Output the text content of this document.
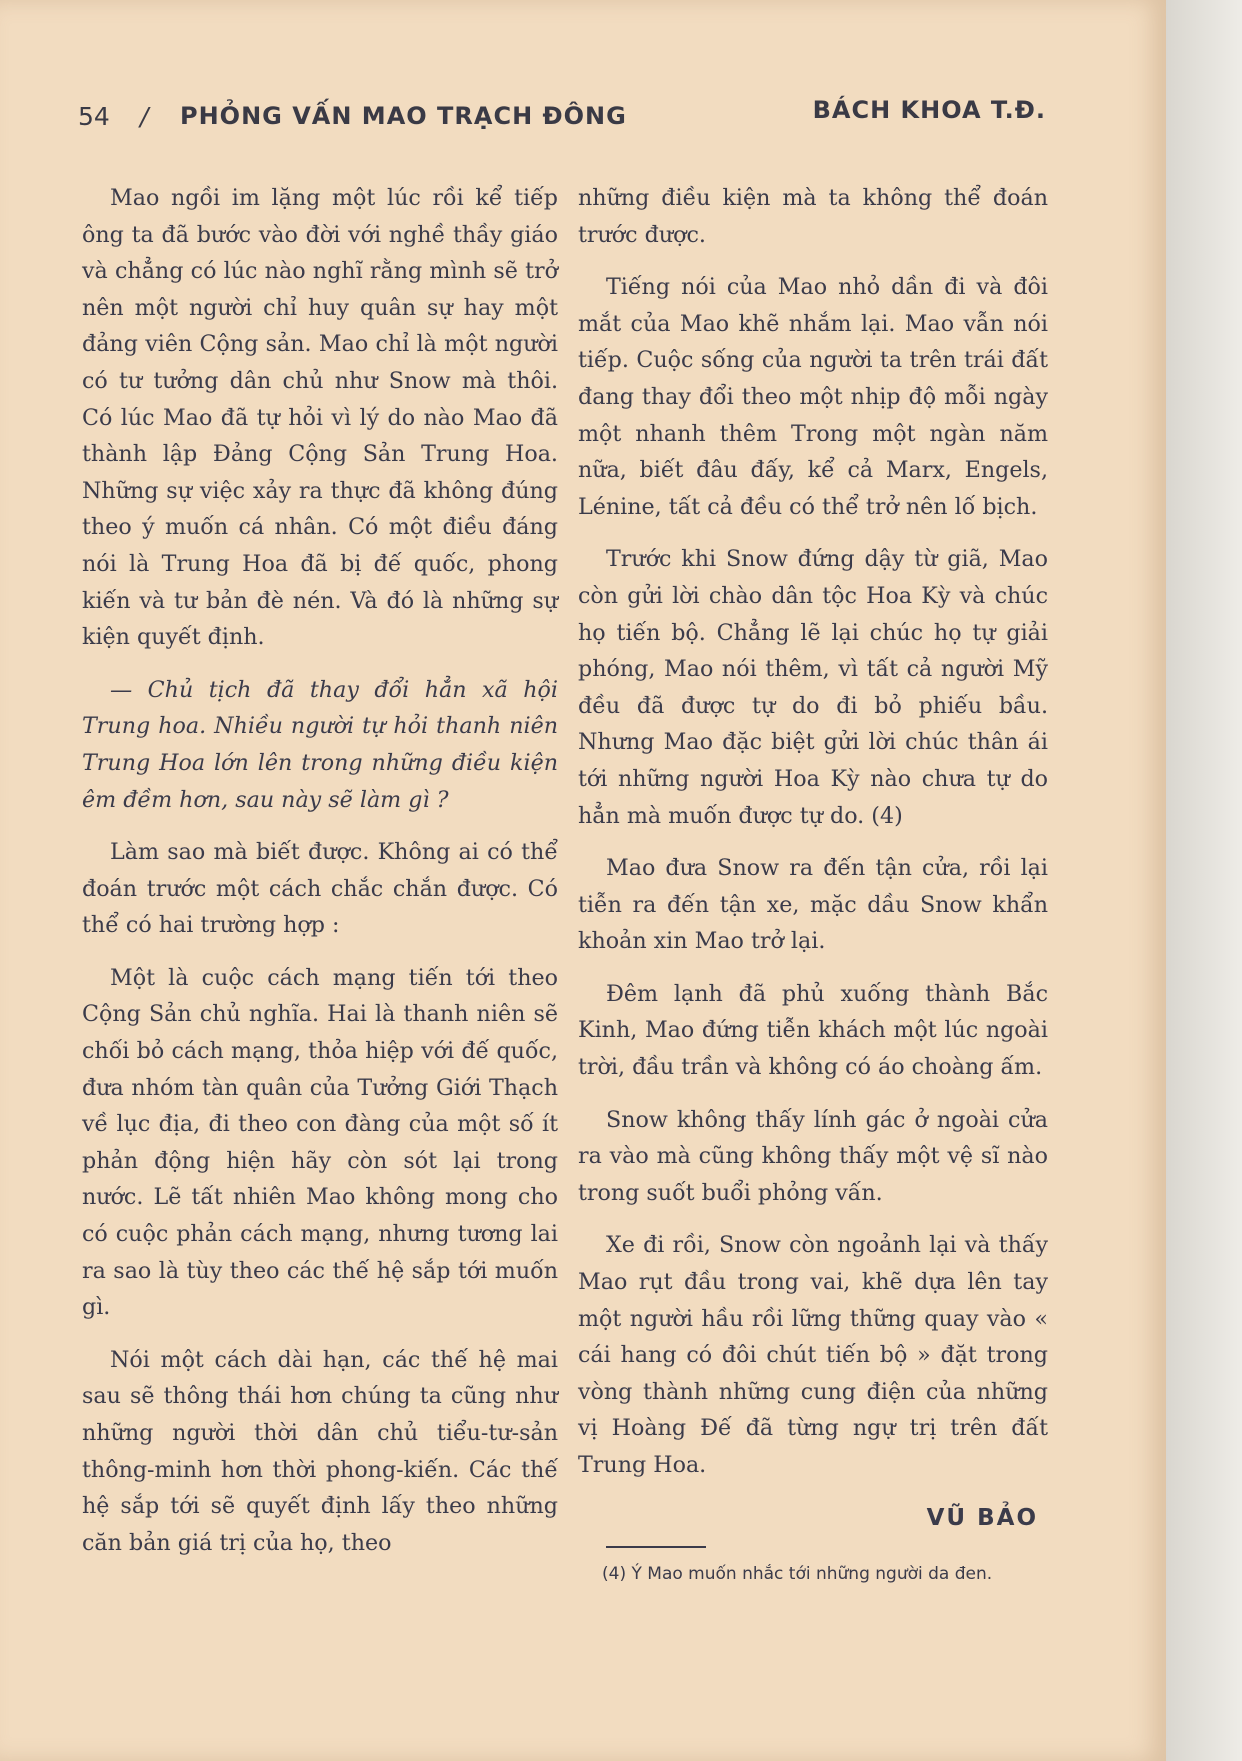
54 / PHỎNG VẤN MAO TRẠCH ĐÔNG	BÁCH KHOA T.Đ.

Mao ngồi im lặng một lúc rồi kể tiếp ông ta đã bước vào đời với nghề thầy giáo và chẳng có lúc nào nghĩ rằng mình sẽ trở nên một người chỉ huy quân sự hay một đảng viên Cộng sản. Mao chỉ là một người có tư tưởng dân chủ như Snow mà thôi. Có lúc Mao đã tự hỏi vì lý do nào Mao đã thành lập Đảng Cộng Sản Trung Hoa. Những sự việc xảy ra thực đã không đúng theo ý muốn cá nhân. Có một điều đáng nói là Trung Hoa đã bị đế quốc, phong kiến và tư bản đè nén. Và đó là những sự kiện quyết định.

— Chủ tịch đã thay đổi hẳn xã hội Trung hoa. Nhiều người tự hỏi thanh niên Trung Hoa lớn lên trong những điều kiện êm đềm hơn, sau này sẽ làm gì ?

Làm sao mà biết được. Không ai có thể đoán trước một cách chắc chắn được. Có thể có hai trường hợp :

Một là cuộc cách mạng tiến tới theo Cộng Sản chủ nghĩa. Hai là thanh niên sẽ chối bỏ cách mạng, thỏa hiệp với đế quốc, đưa nhóm tàn quân của Tưởng Giới Thạch về lục địa, đi theo con đàng của một số ít phản động hiện hãy còn sót lại trong nước. Lẽ tất nhiên Mao không mong cho có cuộc phản cách mạng, nhưng tương lai ra sao là tùy theo các thế hệ sắp tới muốn gì.

Nói một cách dài hạn, các thế hệ mai sau sẽ thông thái hơn chúng ta cũng như những người thời dân chủ tiểu-tư-sản thông-minh hơn thời phong-kiến. Các thế hệ sắp tới sẽ quyết định lấy theo những căn bản giá trị của họ, theo

những điều kiện mà ta không thể đoán trước được.

Tiếng nói của Mao nhỏ dần đi và đôi mắt của Mao khẽ nhắm lại. Mao vẫn nói tiếp. Cuộc sống của người ta trên trái đất đang thay đổi theo một nhịp độ mỗi ngày một nhanh thêm Trong một ngàn năm nữa, biết đâu đấy, kể cả Marx, Engels, Lénine, tất cả đều có thể trở nên lố bịch.

Trước khi Snow đứng dậy từ giã, Mao còn gửi lời chào dân tộc Hoa Kỳ và chúc họ tiến bộ. Chẳng lẽ lại chúc họ tự giải phóng, Mao nói thêm, vì tất cả người Mỹ đều đã được tự do đi bỏ phiếu bầu. Nhưng Mao đặc biệt gửi lời chúc thân ái tới những người Hoa Kỳ nào chưa tự do hẳn mà muốn được tự do. (4)

Mao đưa Snow ra đến tận cửa, rồi lại tiễn ra đến tận xe, mặc dầu Snow khẩn khoản xin Mao trở lại.

Đêm lạnh đã phủ xuống thành Bắc Kinh, Mao đứng tiễn khách một lúc ngoài trời, đầu trần và không có áo choàng ấm.

Snow không thấy lính gác ở ngoài cửa ra vào mà cũng không thấy một vệ sĩ nào trong suốt buổi phỏng vấn.

Xe đi rồi, Snow còn ngoảnh lại và thấy Mao rụt đầu trong vai, khẽ dựa lên tay một người hầu rồi lững thững quay vào « cái hang có đôi chút tiến bộ » đặt trong vòng thành những cung điện của những vị Hoàng Đế đã từng ngự trị trên đất Trung Hoa.

VŨ BẢO
(4) Ý Mao muốn nhắc tới những người da đen.
